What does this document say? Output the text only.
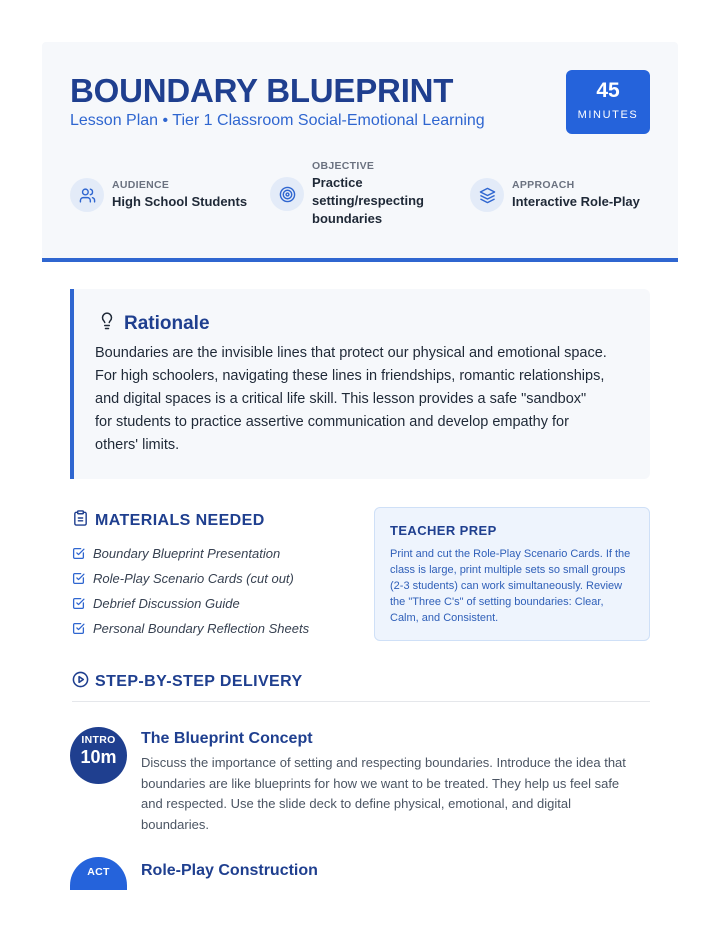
BOUNDARY BLUEPRINT
Lesson Plan • Tier 1 Classroom Social-Emotional Learning
45
MINUTES
AUDIENCE
High School Students
OBJECTIVE
Practice
setting/respecting
boundaries
APPROACH
Interactive Role-Play
Rationale
Boundaries are the invisible lines that protect our physical and emotional space.
For high schoolers, navigating these lines in friendships, romantic relationships,
and digital spaces is a critical life skill. This lesson provides a safe "sandbox"
for students to practice assertive communication and develop empathy for
others' limits.
MATERIALS NEEDED
Boundary Blueprint Presentation
Role-Play Scenario Cards (cut out)
Debrief Discussion Guide
Personal Boundary Reflection Sheets
TEACHER PREP
Print and cut the Role-Play Scenario Cards. If the
class is large, print multiple sets so small groups
(2-3 students) can work simultaneously. Review
the "Three C's" of setting boundaries: Clear,
Calm, and Consistent.
STEP-BY-STEP DELIVERY
INTRO
10m
The Blueprint Concept
Discuss the importance of setting and respecting boundaries. Introduce the idea that
boundaries are like blueprints for how we want to be treated. They help us feel safe
and respected. Use the slide deck to define physical, emotional, and digital
boundaries.
ACT	Role-Play Construction
